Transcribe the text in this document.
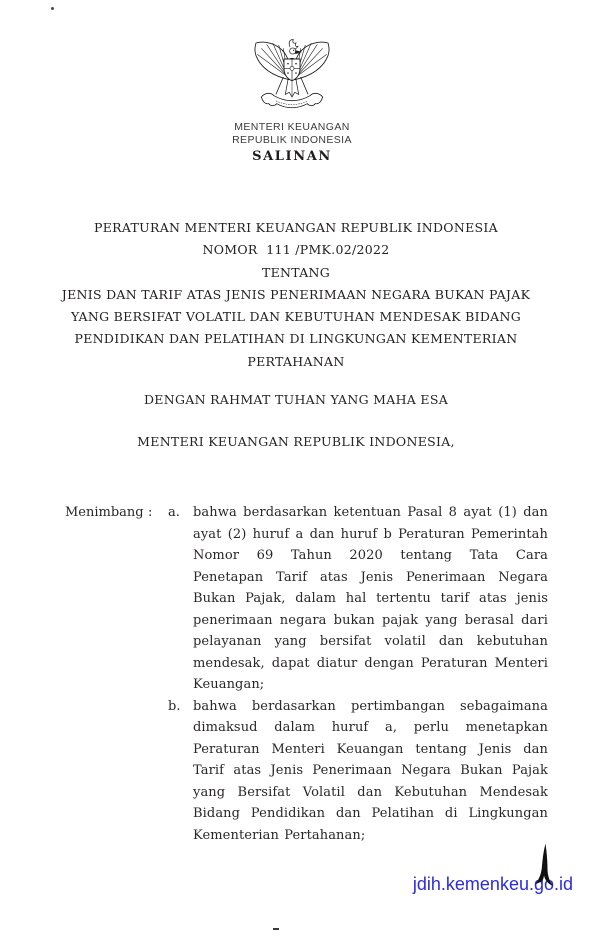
MENTERI KEUANGAN
REPUBLIK INDONESIA
SALINAN
PERATURAN MENTERI KEUANGAN REPUBLIK INDONESIA
NOMOR  111 /PMK.02/2022
TENTANG
JENIS DAN TARIF ATAS JENIS PENERIMAAN NEGARA BUKAN PAJAK
YANG BERSIFAT VOLATIL DAN KEBUTUHAN MENDESAK BIDANG
PENDIDIKAN DAN PELATIHAN DI LINGKUNGAN KEMENTERIAN
PERTAHANAN
DENGAN RAHMAT TUHAN YANG MAHA ESA
MENTERI KEUANGAN REPUBLIK INDONESIA,
Menimbang :	a.	bahwa berdasarkan ketentuan Pasal 8 ayat (1) dan ayat (2) huruf a dan huruf b Peraturan Pemerintah Nomor 69 Tahun 2020 tentang Tata Cara Penetapan Tarif atas Jenis Penerimaan Negara Bukan Pajak, dalam hal tertentu tarif atas jenis penerimaan negara bukan pajak yang berasal dari pelayanan yang bersifat volatil dan kebutuhan mendesak, dapat diatur dengan Peraturan Menteri Keuangan;
b. bahwa berdasarkan pertimbangan sebagaimana dimaksud dalam huruf a, perlu menetapkan Peraturan Menteri Keuangan tentang Jenis dan Tarif atas Jenis Penerimaan Negara Bukan Pajak yang Bersifat Volatil dan Kebutuhan Mendesak Bidang Pendidikan dan Pelatihan di Lingkungan Kementerian Pertahanan;
jdih.kemenkeu.go.id
